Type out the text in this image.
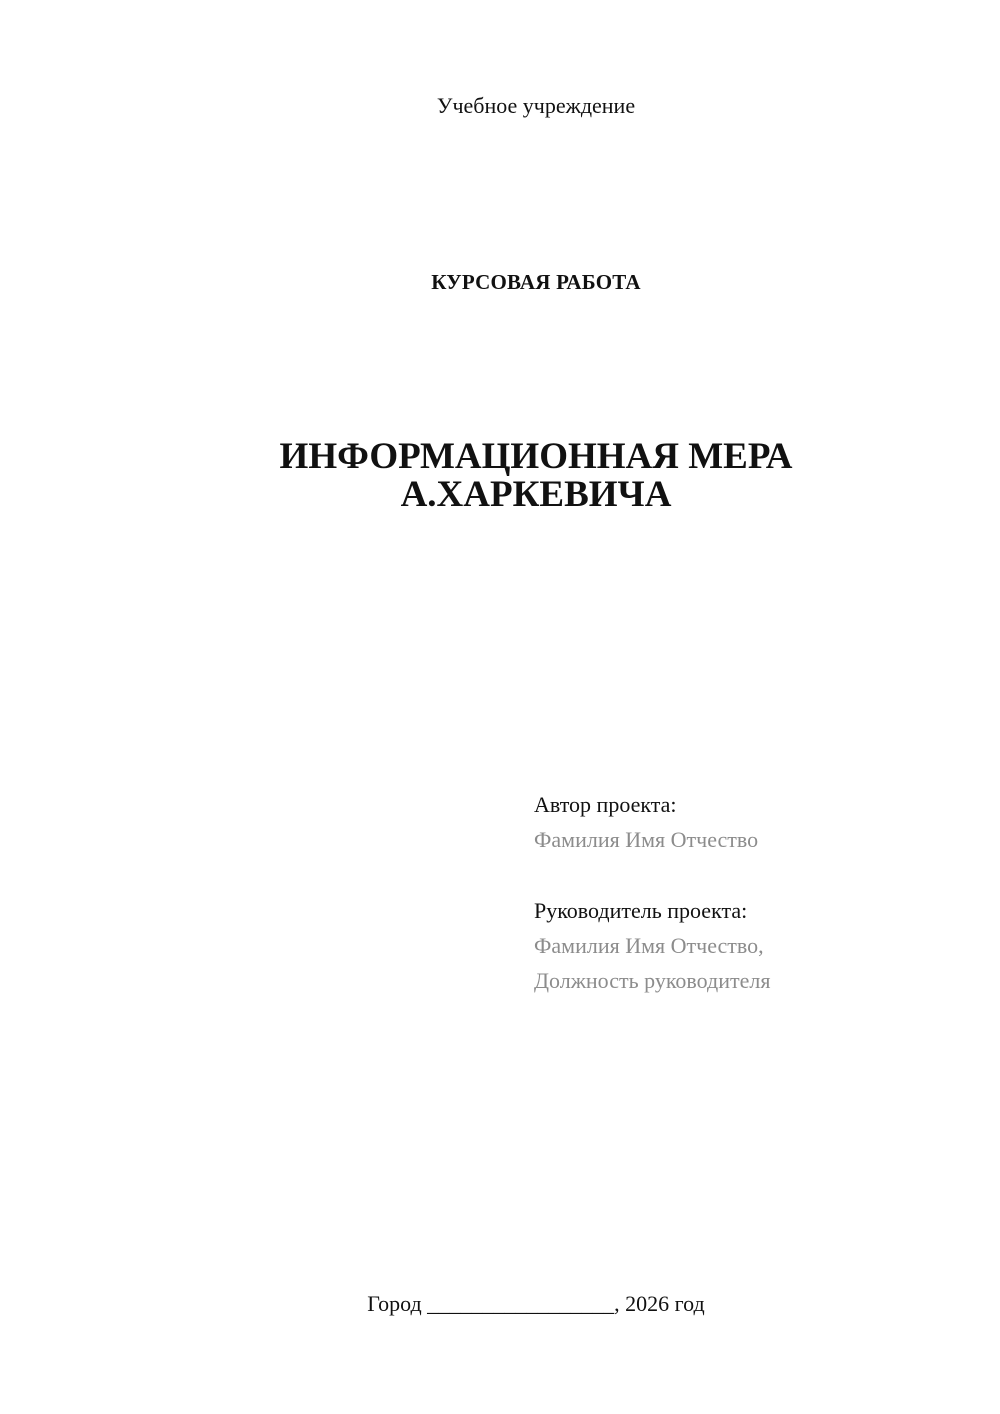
Учебное учреждение
КУРСОВАЯ РАБОТА
ИНФОРМАЦИОННАЯ МЕРА
А.ХАРКЕВИЧА
Автор проекта:
Фамилия Имя Отчество
Руководитель проекта:
Фамилия Имя Отчество,
Должность руководителя
Город _________________, 2026 год
